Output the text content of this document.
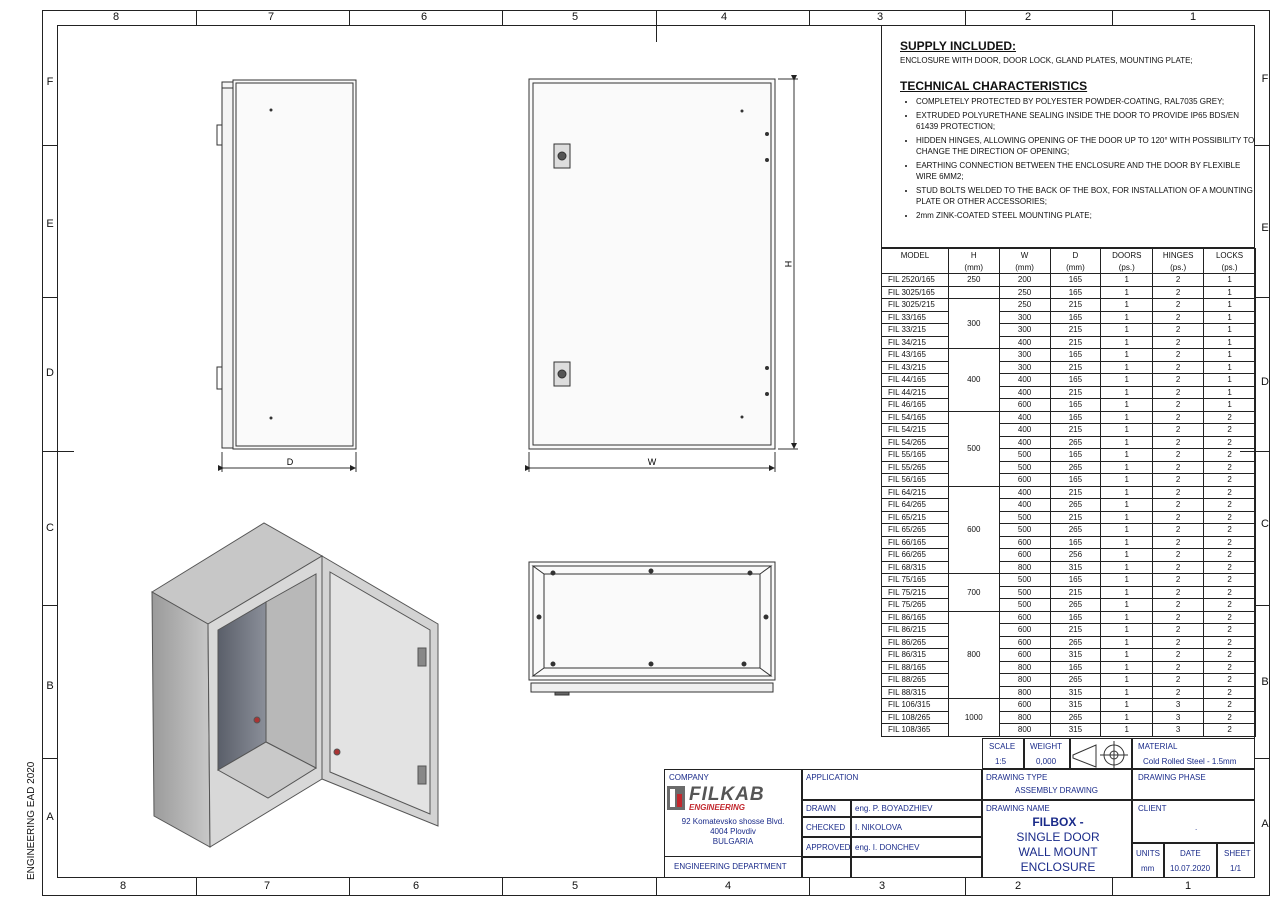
8	7	6	5	4	3	2	1
8	7	6	5	4	3	2	1
F
E
D
C
B
A
F
E
D
C
B
A
ENGINEERING EAD 2020
SUPPLY INCLUDED:
ENCLOSURE WITH DOOR, DOOR LOCK, GLAND PLATES, MOUNTING PLATE;
TECHNICAL CHARACTERISTICS
• COMPLETELY PROTECTED BY POLYESTER POWDER-COATING, RAL7035 GREY;
• EXTRUDED POLYURETHANE SEALING INSIDE THE DOOR TO PROVIDE IP65 BDS/EN 61439 PROTECTION;
• HIDDEN HINGES, ALLOWING OPENING OF THE DOOR UP TO 120° WITH POSSIBILITY TO CHANGE THE DIRECTION OF OPENING;
• EARTHING CONNECTION BETWEEN THE ENCLOSURE AND THE DOOR BY FLEXIBLE WIRE 6MM2;
• STUD BOLTS WELDED TO THE BACK OF THE BOX, FOR INSTALLATION OF A MOUNTING PLATE OR OTHER ACCESSORIES;
• 2mm ZINK-COATED STEEL MOUNTING PLATE;
MODEL	H	W	D	DOORS	HINGES	LOCKS
	(mm)	(mm)	(mm)	(ps.)	(ps.)	(ps.)
FIL 2520/165	250	200	165	1	2	1
FIL 3025/165		250	165	1	2	1
FIL 3025/215	300	250	215	1	2	1
FIL 33/165		300	165	1	2	1
FIL 33/215		300	215	1	2	1
FIL 34/215		400	215	1	2	1
FIL 43/165	400	300	165	1	2	1
FIL 43/215		300	215	1	2	1
FIL 44/165		400	165	1	2	1
FIL 44/215		400	215	1	2	1
FIL 46/165		600	165	1	2	1
FIL 54/165	500	400	165	1	2	2
FIL 54/215		400	215	1	2	2
FIL 54/265		400	265	1	2	2
FIL 55/165		500	165	1	2	2
FIL 55/265		500	265	1	2	2
FIL 56/165		600	165	1	2	2
FIL 64/215	600	400	215	1	2	2
FIL 64/265		400	265	1	2	2
FIL 65/215		500	215	1	2	2
FIL 65/265		500	265	1	2	2
FIL 66/165		600	165	1	2	2
FIL 66/265		600	256	1	2	2
FIL 68/315		800	315	1	2	2
FIL 75/165	700	500	165	1	2	2
FIL 75/215		500	215	1	2	2
FIL 75/265		500	265	1	2	2
FIL 86/165	800	600	165	1	2	2
FIL 86/215		600	215	1	2	2
FIL 86/265		600	265	1	2	2
FIL 86/315		600	315	1	2	2
FIL 88/165		800	165	1	2	2
FIL 88/265		800	265	1	2	2
FIL 88/315		800	315	1	2	2
FIL 106/315	1000	600	315	1	3	2
FIL 108/265		800	265	1	3	2
FIL 108/365		800	315	1	3	2
D	W
H
SCALE
1:5
WEIGHT
0,000
MATERIAL
Cold Rolled Steel - 1.5mm
COMPANY
FILKAB
ENGINEERING
92 Komatevsko shosse Blvd.
4004 Plovdiv
BULGARIA
ENGINEERING DEPARTMENT
APPLICATION
DRAWN eng. P. BOYADZHIEV
CHECKED I. NIKOLOVA
APPROVED eng. I. DONCHEV
DRAWING TYPE
ASSEMBLY DRAWING
DRAWING PHASE
DRAWING NAME
FILBOX -
SINGLE DOOR
WALL MOUNT
ENCLOSURE
CLIENT
.
UNITS
mm
DATE
10.07.2020
SHEET
1/1
